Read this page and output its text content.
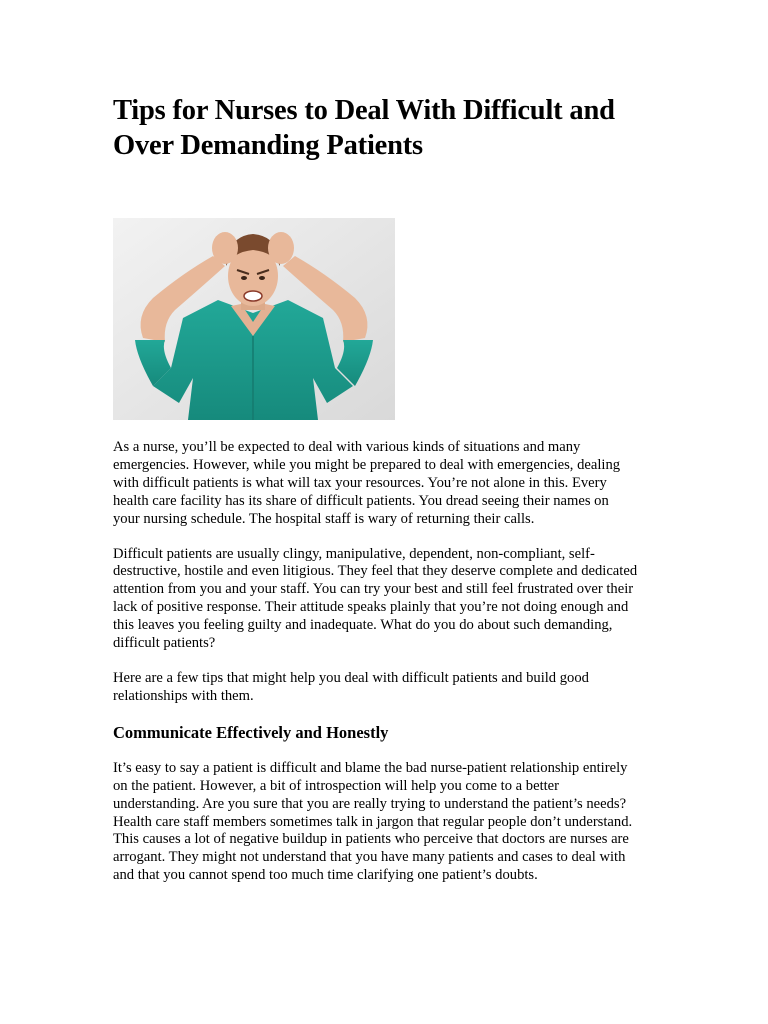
Tips for Nurses to Deal With Difficult and
Over Demanding Patients

As a nurse, you’ll be expected to deal with various kinds of situations and many
emergencies. However, while you might be prepared to deal with emergencies, dealing
with difficult patients is what will tax your resources. You’re not alone in this. Every
health care facility has its share of difficult patients. You dread seeing their names on
your nursing schedule. The hospital staff is wary of returning their calls.

Difficult patients are usually clingy, manipulative, dependent, non-compliant, self-
destructive, hostile and even litigious. They feel that they deserve complete and dedicated
attention from you and your staff. You can try your best and still feel frustrated over their
lack of positive response. Their attitude speaks plainly that you’re not doing enough and
this leaves you feeling guilty and inadequate. What do you do about such demanding,
difficult patients?

Here are a few tips that might help you deal with difficult patients and build good
relationships with them.

Communicate Effectively and Honestly

It’s easy to say a patient is difficult and blame the bad nurse-patient relationship entirely
on the patient. However, a bit of introspection will help you come to a better
understanding. Are you sure that you are really trying to understand the patient’s needs?
Health care staff members sometimes talk in jargon that regular people don’t understand.
This causes a lot of negative buildup in patients who perceive that doctors are nurses are
arrogant. They might not understand that you have many patients and cases to deal with
and that you cannot spend too much time clarifying one patient’s doubts.
